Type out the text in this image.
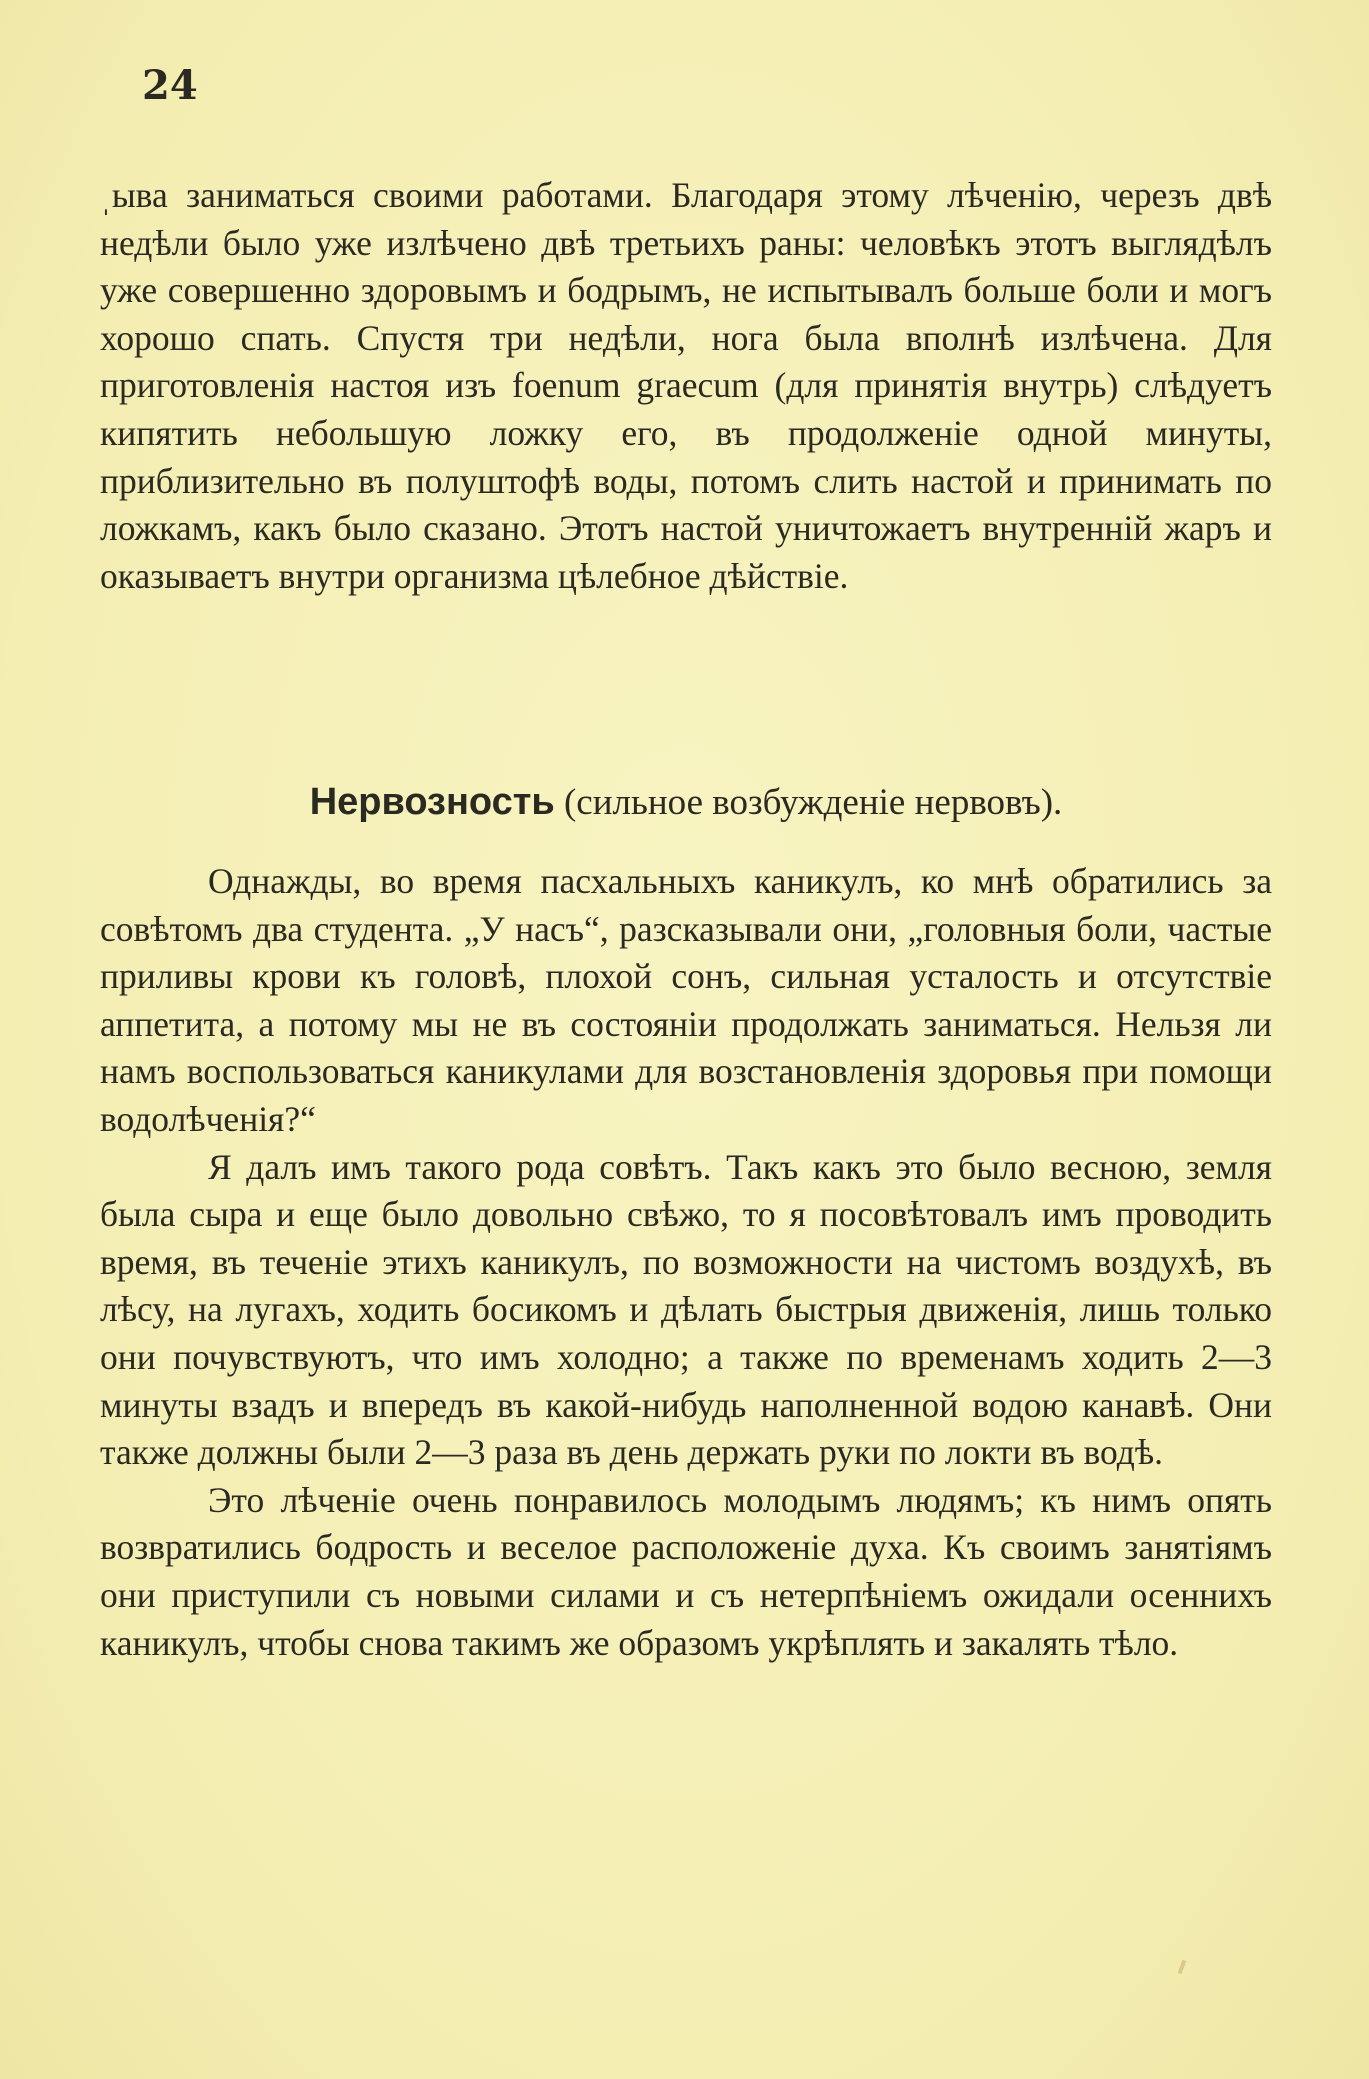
24

ˌыва заниматься своими работами. Благодаря этому лѣченію, черезъ двѣ недѣли было уже излѣчено двѣ третьихъ раны: человѣкъ этотъ выглядѣлъ уже совершенно здоровымъ и бодрымъ, не испытывалъ больше боли и могъ хорошо спать. Спустя три недѣли, нога была вполнѣ излѣчена. Для приготовленія настоя изъ foenum graecum (для принятія внутрь) слѣдуетъ кипятить небольшую ложку его, въ продолженіе одной минуты, приблизительно въ полуштофѣ воды, потомъ слить настой и принимать по ложкамъ, какъ было сказано. Этотъ настой уничтожаетъ внутренній жаръ и оказываетъ внутри организма цѣлебное дѣйствіе.

Нервозность (сильное возбужденіе нервовъ).

Однажды, во время пасхальныхъ каникулъ, ко мнѣ обратились за совѣтомъ два студента. „У насъ“, разсказывали они, „головныя боли, частые приливы крови къ головѣ, плохой сонъ, сильная усталость и отсутствіе аппетита, а потому мы не въ состояніи продолжать заниматься. Нельзя ли намъ воспользоваться каникулами для возстановленія здоровья при помощи водолѣченія?“

Я далъ имъ такого рода совѣтъ. Такъ какъ это было весною, земля была сыра и еще было довольно свѣжо, то я посовѣтовалъ имъ проводить время, въ теченіе этихъ каникулъ, по возможности на чистомъ воздухѣ, въ лѣсу, на лугахъ, ходить босикомъ и дѣлать быстрыя движенія, лишь только они почувствуютъ, что имъ холодно; а также по временамъ ходить 2—3 минуты взадъ и впередъ въ какой-нибудь наполненной водою канавѣ. Они также должны были 2—3 раза въ день держать руки по локти въ водѣ.

Это лѣченіе очень понравилось молодымъ людямъ; къ нимъ опять возвратились бодрость и веселое расположеніе духа. Къ своимъ занятіямъ они приступили съ новыми силами и съ нетерпѣніемъ ожидали осеннихъ каникулъ, чтобы снова такимъ же образомъ укрѣплять и закалять тѣло.
